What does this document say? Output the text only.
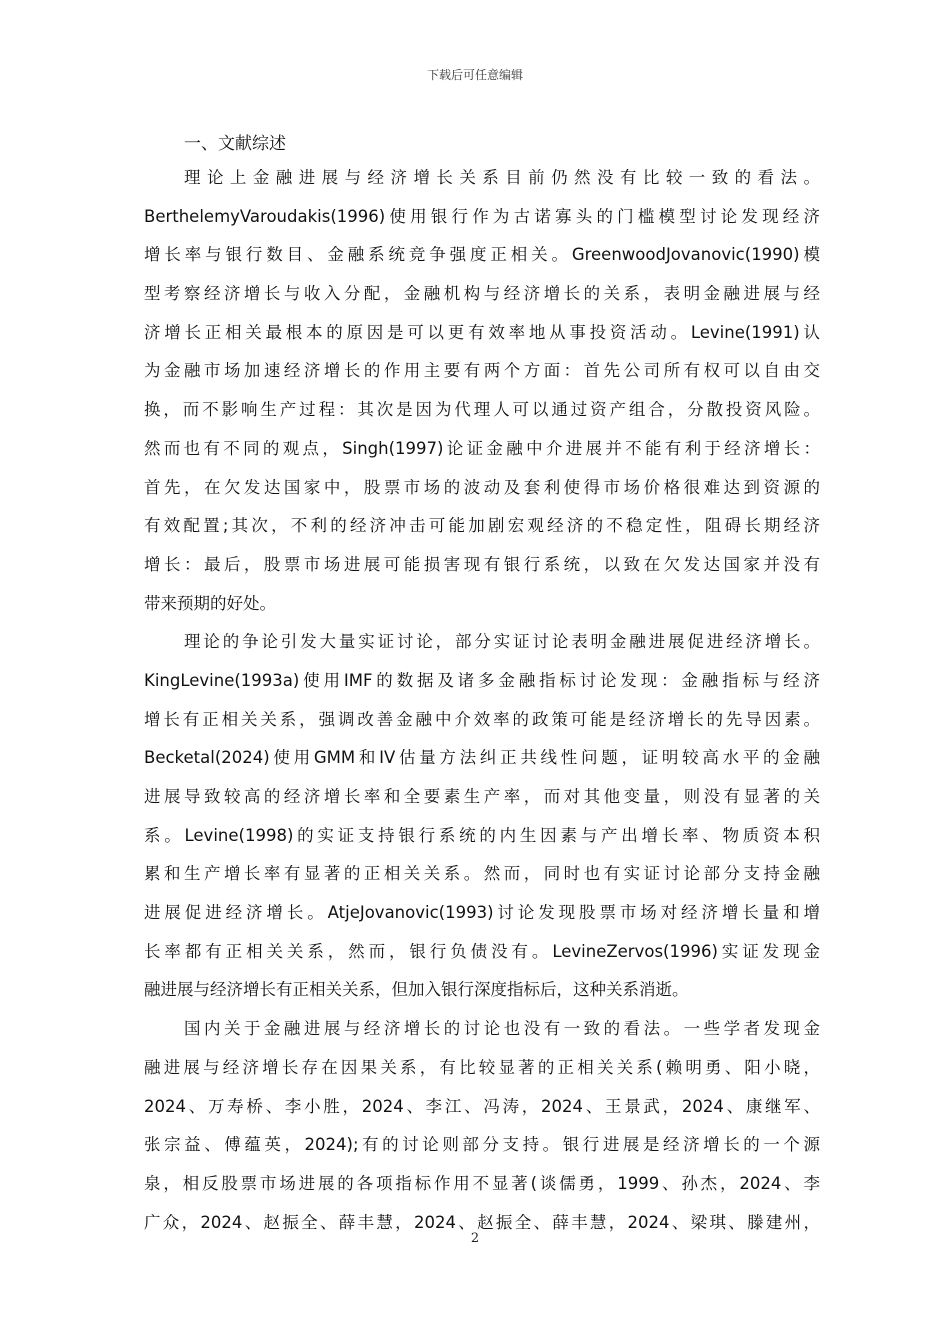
下载后可任意编辑
一、文献综述
理论上金融进展与经济增长关系目前仍然没有比较一致的看法。
BerthelemyVaroudakis(1996)使用银行作为古诺寡头的门槛模型讨论发现经济
增长率与银行数目、金融系统竞争强度正相关。GreenwoodJovanovic(1990)模
型考察经济增长与收入分配，金融机构与经济增长的关系，表明金融进展与经
济增长正相关最根本的原因是可以更有效率地从事投资活动。Levine(1991)认
为金融市场加速经济增长的作用主要有两个方面：首先公司所有权可以自由交
换，而不影响生产过程：其次是因为代理人可以通过资产组合，分散投资风险。
然而也有不同的观点，Singh(1997)论证金融中介进展并不能有利于经济增长：
首先，在欠发达国家中，股票市场的波动及套利使得市场价格很难达到资源的
有效配置;其次，不利的经济冲击可能加剧宏观经济的不稳定性，阻碍长期经济
增长：最后，股票市场进展可能损害现有银行系统，以致在欠发达国家并没有
带来预期的好处。
理论的争论引发大量实证讨论，部分实证讨论表明金融进展促进经济增长。
KingLevine(1993a)使用IMF的数据及诸多金融指标讨论发现：金融指标与经济
增长有正相关关系，强调改善金融中介效率的政策可能是经济增长的先导因素。
Becketal(2024)使用GMM和IV估量方法纠正共线性问题，证明较高水平的金融
进展导致较高的经济增长率和全要素生产率，而对其他变量，则没有显著的关
系。Levine(1998)的实证支持银行系统的内生因素与产出增长率、物质资本积
累和生产增长率有显著的正相关关系。然而，同时也有实证讨论部分支持金融
进展促进经济增长。AtjeJovanovic(1993)讨论发现股票市场对经济增长量和增
长率都有正相关关系，然而，银行负债没有。LevineZervos(1996)实证发现金
融进展与经济增长有正相关关系，但加入银行深度指标后，这种关系消逝。
国内关于金融进展与经济增长的讨论也没有一致的看法。一些学者发现金
融进展与经济增长存在因果关系，有比较显著的正相关关系(赖明勇、阳小晓，
2024、万寿桥、李小胜，2024、李江、冯涛，2024、王景武，2024、康继军、
张宗益、傅蕴英，2024);有的讨论则部分支持。银行进展是经济增长的一个源
泉，相反股票市场进展的各项指标作用不显著(谈儒勇，1999、孙杰，2024、李
广众，2024、赵振全、薛丰慧，2024、赵振全、薛丰慧，2024、梁琪、滕建州，
2
